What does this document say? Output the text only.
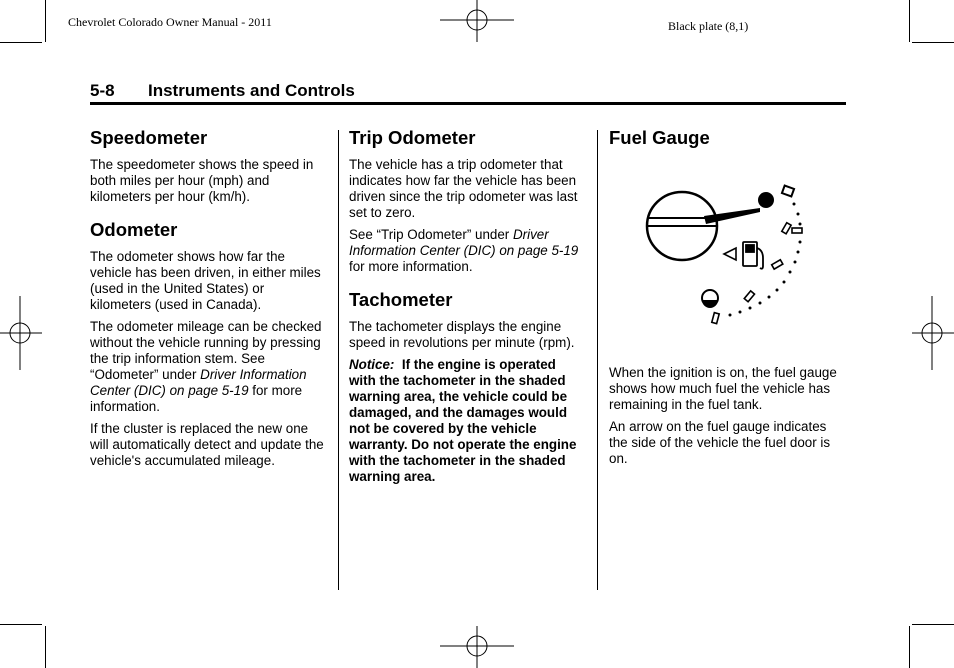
Chevrolet Colorado Owner Manual - 2011	Black plate (8,1)
5-8 Instruments and Controls
Speedometer

The speedometer shows the speed in both miles per hour (mph) and kilometers per hour (km/h).

Odometer

The odometer shows how far the vehicle has been driven, in either miles (used in the United States) or kilometers (used in Canada).

The odometer mileage can be checked without the vehicle running by pressing the trip information stem. See “Odometer” under Driver Information Center (DIC) on page 5-19 for more information.

If the cluster is replaced the new one will automatically detect and update the vehicle's accumulated mileage.

Trip Odometer

The vehicle has a trip odometer that indicates how far the vehicle has been driven since the trip odometer was last set to zero.

See “Trip Odometer” under Driver Information Center (DIC) on page 5-19 for more information.

Tachometer

The tachometer displays the engine speed in revolutions per minute (rpm).

Notice: If the engine is operated with the tachometer in the shaded warning area, the vehicle could be damaged, and the damages would not be covered by the vehicle warranty. Do not operate the engine with the tachometer in the shaded warning area.

Fuel Gauge

When the ignition is on, the fuel gauge shows how much fuel the vehicle has remaining in the fuel tank.

An arrow on the fuel gauge indicates the side of the vehicle the fuel door is on.
